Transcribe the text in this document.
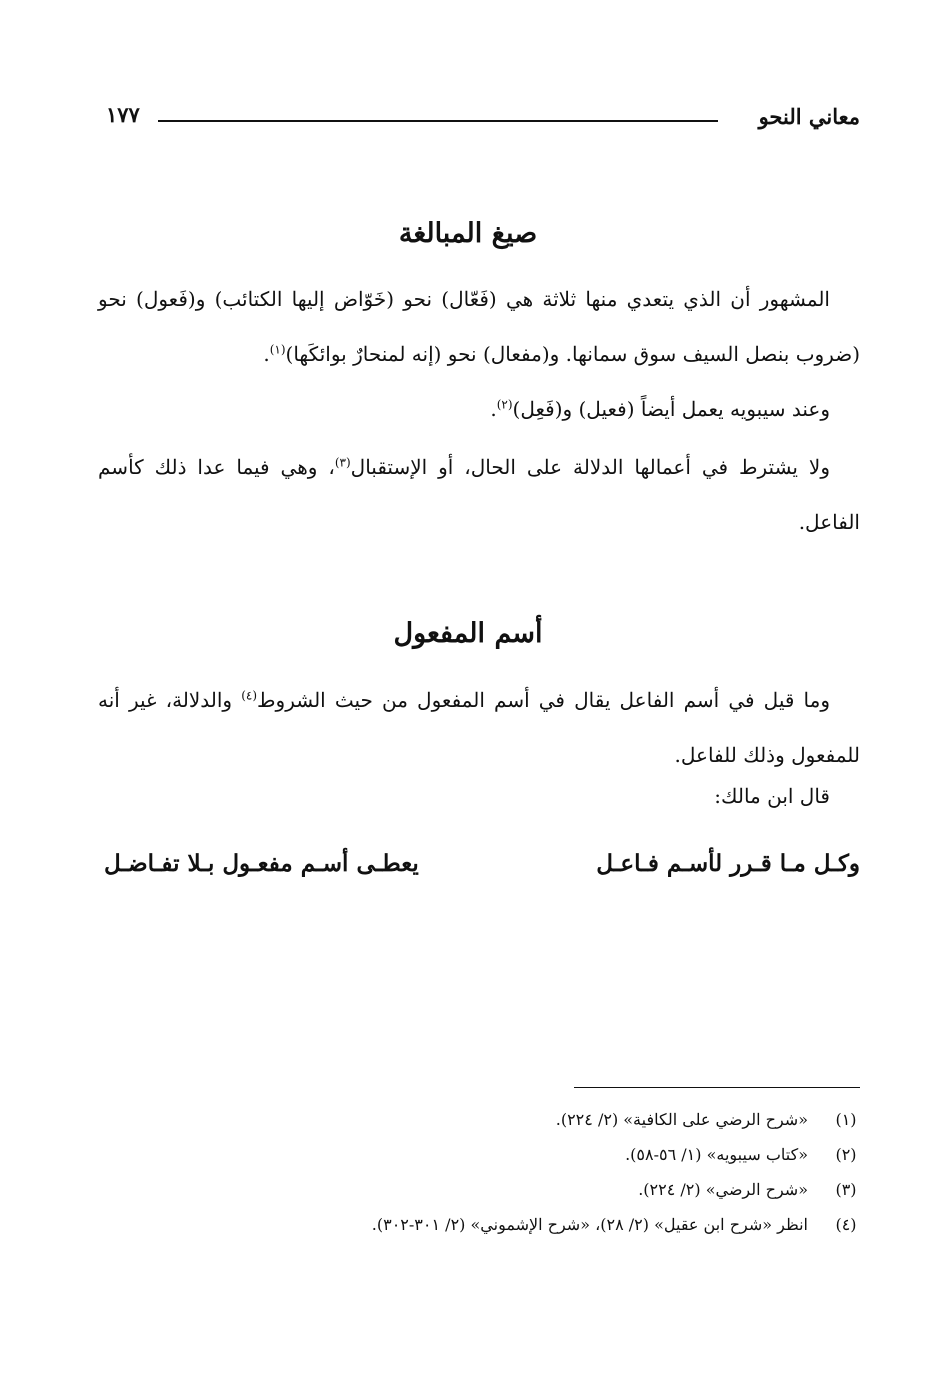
معاني النحو
١٧٧
صيغ المبالغة

المشهور أن الذي يتعدي منها ثلاثة هي (فَعّال) نحو (خَوّاض إليها الكتائب) و(فَعول) نحو (ضروب بنصل السيف سوق سمانها. و(مفعال) نحو (إنه لمنحارٌ بوائكَها)$^{(١)}$.

وعند سيبويه يعمل أيضاً (فعيل) و(فَعِل)$^{(٢)}$.

ولا يشترط في أعمالها الدلالة على الحال، أو الإستقبال$^{(٣)}$، وهي فيما عدا ذلك كأسم الفاعل.

أسم المفعول

وما قيل في أسم الفاعل يقال في أسم المفعول من حيث الشروط$^{(٤)}$ والدلالة، غير أنه للمفعول وذلك للفاعل.

قال ابن مالك:
وكـل مـا قـرر لأسـم فـاعـل
يعطـى أسـم مفعـول بـلا تفـاضـل
(١)
«شرح الرضي على الكافية» (٢/ ٢٢٤).
(٢)
«كتاب سيبويه» (١/ ٥٦-٥٨).
(٣)
«شرح الرضي» (٢/ ٢٢٤).
(٤)
انظر «شرح ابن عقيل» (٢/ ٢٨)، «شرح الإشموني» (٢/ ٣٠١-٣٠٢).
